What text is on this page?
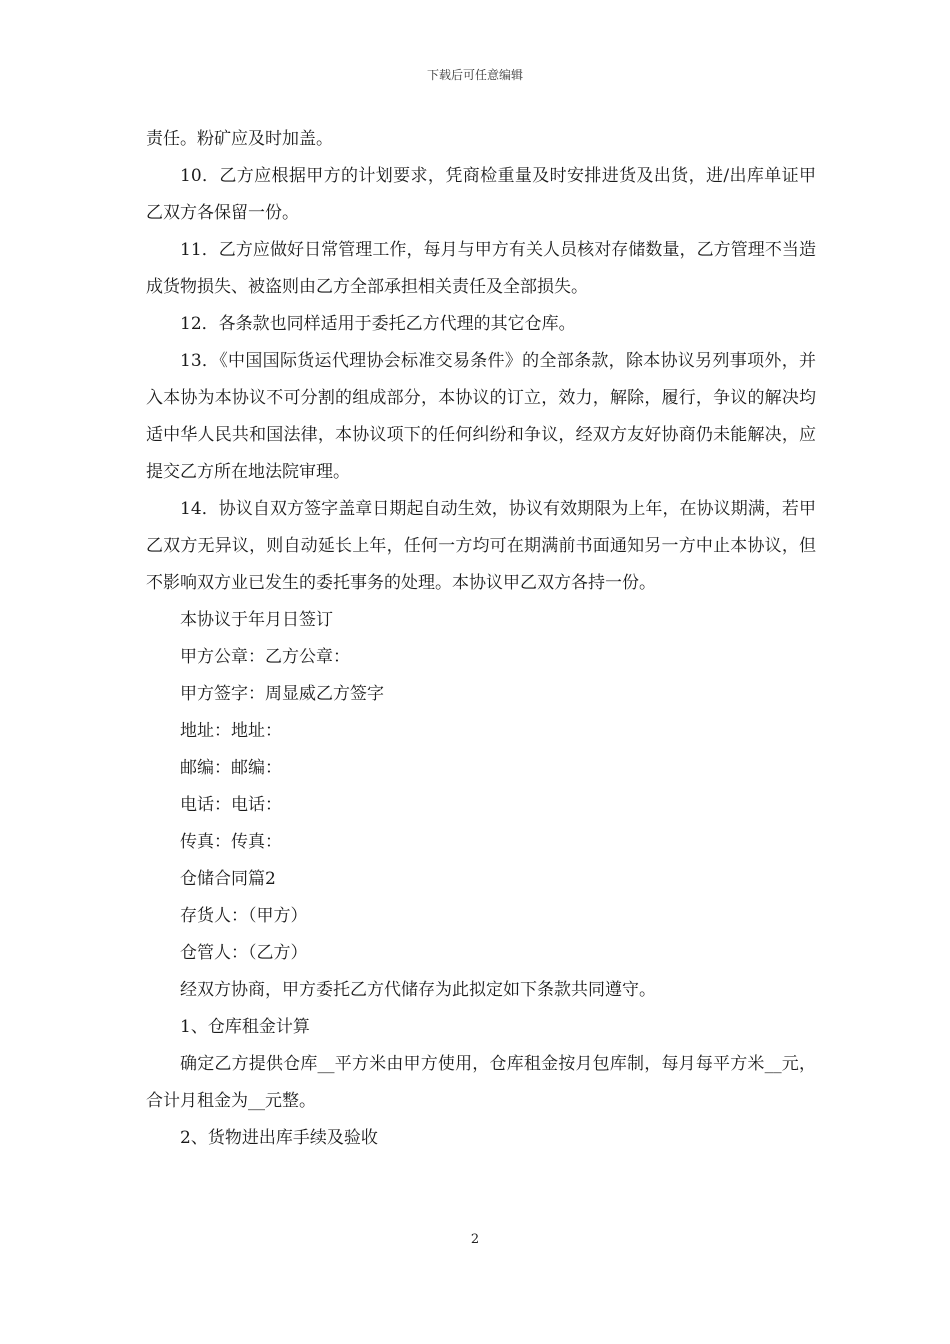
下载后可任意编辑

责任。粉矿应及时加盖。

10．乙方应根据甲方的计划要求，凭商检重量及时安排进货及出货，进/出库单证甲乙双方各保留一份。

11．乙方应做好日常管理工作，每月与甲方有关人员核对存储数量，乙方管理不当造成货物损失、被盗则由乙方全部承担相关责任及全部损失。

12．各条款也同样适用于委托乙方代理的其它仓库。

13．《中国国际货运代理协会标准交易条件》的全部条款，除本协议另列事项外，并入本协为本协议不可分割的组成部分，本协议的订立，效力，解除，履行，争议的解决均适中华人民共和国法律，本协议项下的任何纠纷和争议，经双方友好协商仍未能解决，应提交乙方所在地法院审理。

14．协议自双方签字盖章日期起自动生效，协议有效期限为上年，在协议期满，若甲乙双方无异议，则自动延长上年，任何一方均可在期满前书面通知另一方中止本协议，但不影响双方业已发生的委托事务的处理。本协议甲乙双方各持一份。

本协议于年月日签订

甲方公章：乙方公章：

甲方签字：周显威乙方签字

地址：地址：

邮编：邮编：

电话：电话：

传真：传真：

仓储合同篇2

存货人：（甲方）

仓管人：（乙方）

经双方协商，甲方委托乙方代储存为此拟定如下条款共同遵守。

1、仓库租金计算

确定乙方提供仓库__平方米由甲方使用，仓库租金按月包库制，每月每平方米__元，合计月租金为__元整。

2、货物进出库手续及验收

2
